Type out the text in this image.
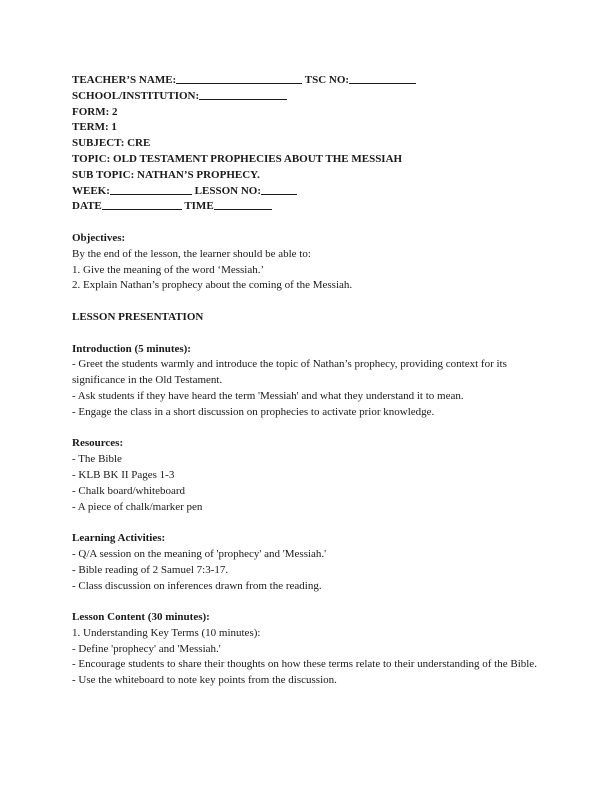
TEACHER’S NAME:	TSC NO:
SCHOOL/INSTITUTION:
FORM: 2
TERM: 1
SUBJECT: CRE
TOPIC: OLD TESTAMENT PROPHECIES ABOUT THE MESSIAH
SUB TOPIC: NATHAN’S PROPHECY.
WEEK:	LESSON NO:
DATE	TIME
Objectives:
By the end of the lesson, the learner should be able to:
1. Give the meaning of the word ‘Messiah.’
2. Explain Nathan’s prophecy about the coming of the Messiah.
LESSON PRESENTATION
Introduction (5 minutes):
- Greet the students warmly and introduce the topic of Nathan’s prophecy, providing context for its significance in the Old Testament.
- Ask students if they have heard the term 'Messiah' and what they understand it to mean.
- Engage the class in a short discussion on prophecies to activate prior knowledge.
Resources:
- The Bible
- KLB BK II Pages 1-3
- Chalk board/whiteboard
- A piece of chalk/marker pen
Learning Activities:
- Q/A session on the meaning of 'prophecy' and 'Messiah.'
- Bible reading of 2 Samuel 7:3-17.
- Class discussion on inferences drawn from the reading.
Lesson Content (30 minutes):
1. Understanding Key Terms (10 minutes):
- Define 'prophecy' and 'Messiah.'
- Encourage students to share their thoughts on how these terms relate to their understanding of the Bible.
- Use the whiteboard to note key points from the discussion.
